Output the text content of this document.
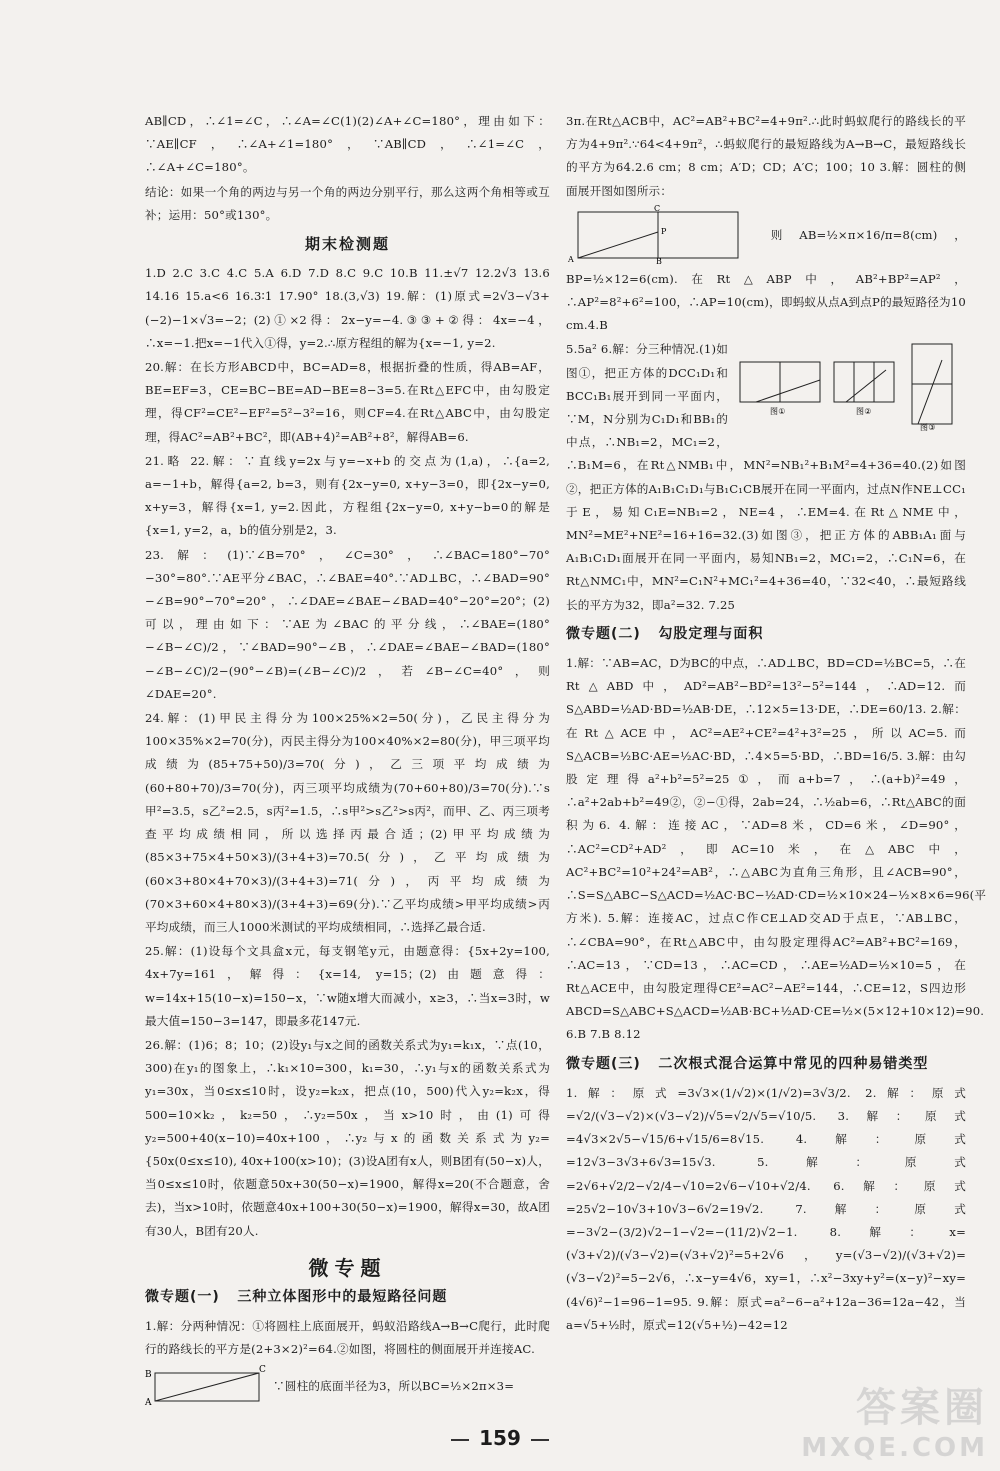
AB∥CD，∴∠1=∠C，∴∠A=∠C(1)(2)∠A+∠C=180°，理由如下：∵AE∥CF，∴∠A+∠1=180°，∵AB∥CD，∴∠1=∠C，∴∠A+∠C=180°。

结论：如果一个角的两边与另一个角的两边分别平行，那么这两个角相等或互补；运用：50°或130°。

期末检测题

1.D 2.C 3.C 4.C 5.A 6.D 7.D 8.C 9.C 10.B 11.±√7 12.2√3 13.6 14.16 15.a<6 16.3∶1 17.90° 18.(3,√3) 19.解：(1)原式=2√3−√3+(−2)−1×√3=−2；(2)①×2得：2x−y=−4.③③+②得：4x=−4，∴x=−1.把x=−1代入①得，y=2.∴原方程组的解为{x=−1, y=2.

20.解：在长方形ABCD中，BC=AD=8，根据折叠的性质，得AB=AF，BE=EF=3，CE=BC−BE=AD−BE=8−3=5.在Rt△EFC中，由勾股定理，得CF²=CE²−EF²=5²−3²=16，则CF=4.在Rt△ABC中，由勾股定理，得AC²=AB²+BC²，即(AB+4)²=AB²+8²，解得AB=6.

21.略 22.解：∵直线y=2x与y=−x+b的交点为(1,a)，∴{a=2, a=−1+b，解得{a=2, b=3，则有{2x−y=0, x+y−3=0，即{2x−y=0, x+y=3，解得{x=1, y=2.因此，方程组{2x−y=0, x+y−b=0的解是{x=1, y=2，a，b的值分别是2，3.

23.解：(1)∵∠B=70°，∠C=30°，∴∠BAC=180°−70°−30°=80°.∵AE平分∠BAC，∴∠BAE=40°.∵AD⊥BC，∴∠BAD=90°−∠B=90°−70°=20°，∴∠DAE=∠BAE−∠BAD=40°−20°=20°；(2)可以，理由如下：∵AE为∠BAC的平分线，∴∠BAE=(180°−∠B−∠C)/2，∵∠BAD=90°−∠B，∴∠DAE=∠BAE−∠BAD=(180°−∠B−∠C)/2−(90°−∠B)=(∠B−∠C)/2，若∠B−∠C=40°，则∠DAE=20°.

24.解：(1)甲民主得分为100×25%×2=50(分)，乙民主得分为100×35%×2=70(分)，丙民主得分为100×40%×2=80(分)，甲三项平均成绩为(85+75+50)/3=70(分)，乙三项平均成绩为(60+80+70)/3=70(分)，丙三项平均成绩为(70+60+80)/3=70(分).∵s甲²=3.5，s乙²=2.5，s丙²=1.5，∴s甲²>s乙²>s丙²，而甲、乙、丙三项考查平均成绩相同，所以选择丙最合适；(2)甲平均成绩为(85×3+75×4+50×3)/(3+4+3)=70.5(分)，乙平均成绩为(60×3+80×4+70×3)/(3+4+3)=71(分)，丙平均成绩为(70×3+60×4+80×3)/(3+4+3)=69(分).∵乙平均成绩>甲平均成绩>丙平均成绩，而三人1000米测试的平均成绩相同，∴选择乙最合适.

25.解：(1)设每个文具盒x元，每支钢笔y元，由题意得：{5x+2y=100, 4x+7y=161，解得：{x=14, y=15；(2)由题意得：w=14x+15(10−x)=150−x，∵w随x增大而减小，x≥3，∴当x=3时，w最大值=150−3=147，即最多花147元.

26.解：(1)6；8；10；(2)设y₁与x之间的函数关系式为y₁=k₁x，∵点(10，300)在y₁的图象上，∴k₁×10=300，k₁=30，∴y₁与x的函数关系式为y₁=30x，当0≤x≤10时，设y₂=k₂x，把点(10，500)代入y₂=k₂x，得500=10×k₂，k₂=50，∴y₂=50x，当x>10时，由(1)可得y₂=500+40(x−10)=40x+100，∴y₂与x的函数关系式为y₂={50x(0≤x≤10), 40x+100(x>10)；(3)设A团有x人，则B团有(50−x)人，当0≤x≤10时，依题意50x+30(50−x)=1900，解得x=20(不合题意，舍去)，当x>10时，依题意40x+100+30(50−x)=1900，解得x=30，故A团有30人，B团有20人.

微专题
微专题(一) 三种立体图形中的最短路径问题

1.解：分两种情况：①将圆柱上底面展开，蚂蚁沿路线A→B→C爬行，此时爬行的路线长的平方是(2+3×2)²=64.②如图，将圆柱的侧面展开并连接AC.

B	C
A
∵圆柱的底面半径为3，所以BC=½×2π×3=

3π.在Rt△ACB中，AC²=AB²+BC²=4+9π².∴此时蚂蚁爬行的路线长的平方为4+9π².∵64<4+9π²，∴蚂蚁爬行的最短路线为A→B→C，最短路线长的平方为64.2.6 cm；8 cm；A′D；CD；A′C；100；10 3.解：圆柱的侧面展开图如图所示：

C
P
A	B
则AB=½×π×16/π=8(cm)，BP=½×12=6(cm).在Rt△ABP中，AB²+BP²=AP²，∴AP²=8²+6²=100，∴AP=10(cm)，即蚂蚁从点A到点P的最短路径为10 cm.4.B

图①	图②
图③
5.5a² 6.解：分三种情况.(1)如图①，把正方体的DCC₁D₁和BCC₁B₁展开到同一平面内，∵M，N分别为C₁D₁和BB₁的中点，∴NB₁=2，MC₁=2，∴B₁M=6，在Rt△NMB₁中，MN²=NB₁²+B₁M²=4+36=40.(2)如图②，把正方体的A₁B₁C₁D₁与B₁C₁CB展开在同一平面内，过点N作NE⊥CC₁于E，易知C₁E=NB₁=2，NE=4，∴EM=4.在Rt△NME中，MN²=ME²+NE²=16+16=32.(3)如图③，把正方体的ABB₁A₁面与A₁B₁C₁D₁面展开在同一平面内，易知NB₁=2，MC₁=2，∴C₁N=6，在Rt△NMC₁中，MN²=C₁N²+MC₁²=4+36=40，∵32<40，∴最短路线长的平方为32，即a²=32. 7.25

微专题(二) 勾股定理与面积

1.解：∵AB=AC，D为BC的中点，∴AD⊥BC，BD=CD=½BC=5，∴在Rt△ABD中，AD²=AB²−BD²=13²−5²=144，∴AD=12.而S△ABD=½AD·BD=½AB·DE，∴12×5=13·DE，∴DE=60/13. 2.解：在Rt△ACE中，AC²=AE²+CE²=4²+3²=25，所以AC=5.而S△ACB=½BC·AE=½AC·BD，∴4×5=5·BD，∴BD=16/5. 3.解：由勾股定理得a²+b²=5²=25①，而a+b=7，∴(a+b)²=49，∴a²+2ab+b²=49②，②−①得，2ab=24，∴½ab=6，∴Rt△ABC的面积为6. 4.解：连接AC，∵AD=8米，CD=6米，∠D=90°，∴AC²=CD²+AD²，即AC=10米，在△ABC中，AC²+BC²=10²+24²=AB²，∴△ABC为直角三角形，且∠ACB=90°，∴S=S△ABC−S△ACD=½AC·BC−½AD·CD=½×10×24−½×8×6=96(平方米). 5.解：连接AC，过点C作CE⊥AD交AD于点E，∵AB⊥BC，∴∠CBA=90°，在Rt△ABC中，由勾股定理得AC²=AB²+BC²=169，∴AC=13，∵CD=13，∴AC=CD，∴AE=½AD=½×10=5，在Rt△ACE中，由勾股定理得CE²=AC²−AE²=144，∴CE=12，S四边形ABCD=S△ABC+S△ACD=½AB·BC+½AD·CE=½×(5×12+10×12)=90. 6.B 7.B 8.12

微专题(三) 二次根式混合运算中常见的四种易错类型

1.解：原式=3√3×(1/√2)×(1/√2)=3√3/2. 2.解：原式=√2/(√3−√2)×(√3−√2)/√5=√2/√5=√10/5. 3.解：原式=4√3×2√5−√15/6+√15/6=8√15. 4.解：原式=12√3−3√3+6√3=15√3. 5.解：原式=2√6+√2/2−√2/4−√10=2√6−√10+√2/4. 6.解：原式=25√2−10√3+10√3−6√2=19√2. 7.解：原式=−3√2−(3/2)√2−1−√2=−(11/2)√2−1. 8.解：x=(√3+√2)/(√3−√2)=(√3+√2)²=5+2√6，y=(√3−√2)/(√3+√2)=(√3−√2)²=5−2√6，∴x−y=4√6，xy=1，∴x²−3xy+y²=(x−y)²−xy=(4√6)²−1=96−1=95. 9.解：原式=a²−6−a²+12a−36=12a−42，当a=√5+½时，原式=12(√5+½)−42=12

159
答案圈
MXQE.COM
